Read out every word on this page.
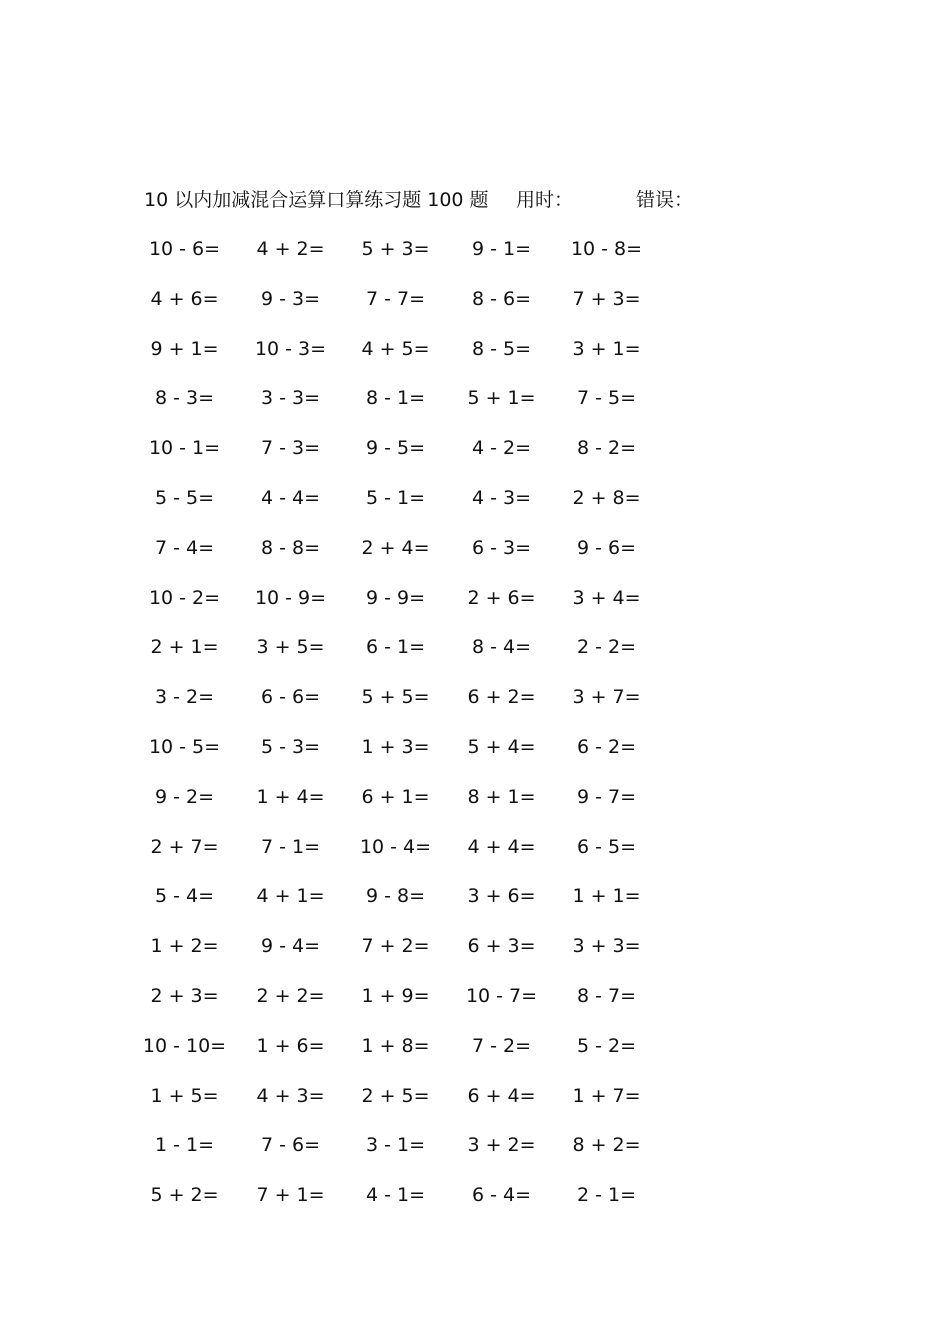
10 以内加减混合运算口算练习题 100 题 用时：	错误：
10 - 6=	4 + 2=	5 + 3=	9 - 1=	10 - 8=
4 + 6=	9 - 3=	7 - 7=	8 - 6=	7 + 3=
9 + 1=	10 - 3=	4 + 5=	8 - 5=	3 + 1=
8 - 3=	3 - 3=	8 - 1=	5 + 1=	7 - 5=
10 - 1=	7 - 3=	9 - 5=	4 - 2=	8 - 2=
5 - 5=	4 - 4=	5 - 1=	4 - 3=	2 + 8=
7 - 4=	8 - 8=	2 + 4=	6 - 3=	9 - 6=
10 - 2=	10 - 9=	9 - 9=	2 + 6=	3 + 4=
2 + 1=	3 + 5=	6 - 1=	8 - 4=	2 - 2=
3 - 2=	6 - 6=	5 + 5=	6 + 2=	3 + 7=
10 - 5=	5 - 3=	1 + 3=	5 + 4=	6 - 2=
9 - 2=	1 + 4=	6 + 1=	8 + 1=	9 - 7=
2 + 7=	7 - 1=	10 - 4=	4 + 4=	6 - 5=
5 - 4=	4 + 1=	9 - 8=	3 + 6=	1 + 1=
1 + 2=	9 - 4=	7 + 2=	6 + 3=	3 + 3=
2 + 3=	2 + 2=	1 + 9=	10 - 7=	8 - 7=
10 - 10=	1 + 6=	1 + 8=	7 - 2=	5 - 2=
1 + 5=	4 + 3=	2 + 5=	6 + 4=	1 + 7=
1 - 1=	7 - 6=	3 - 1=	3 + 2=	8 + 2=
5 + 2=	7 + 1=	4 - 1=	6 - 4=	2 - 1=
